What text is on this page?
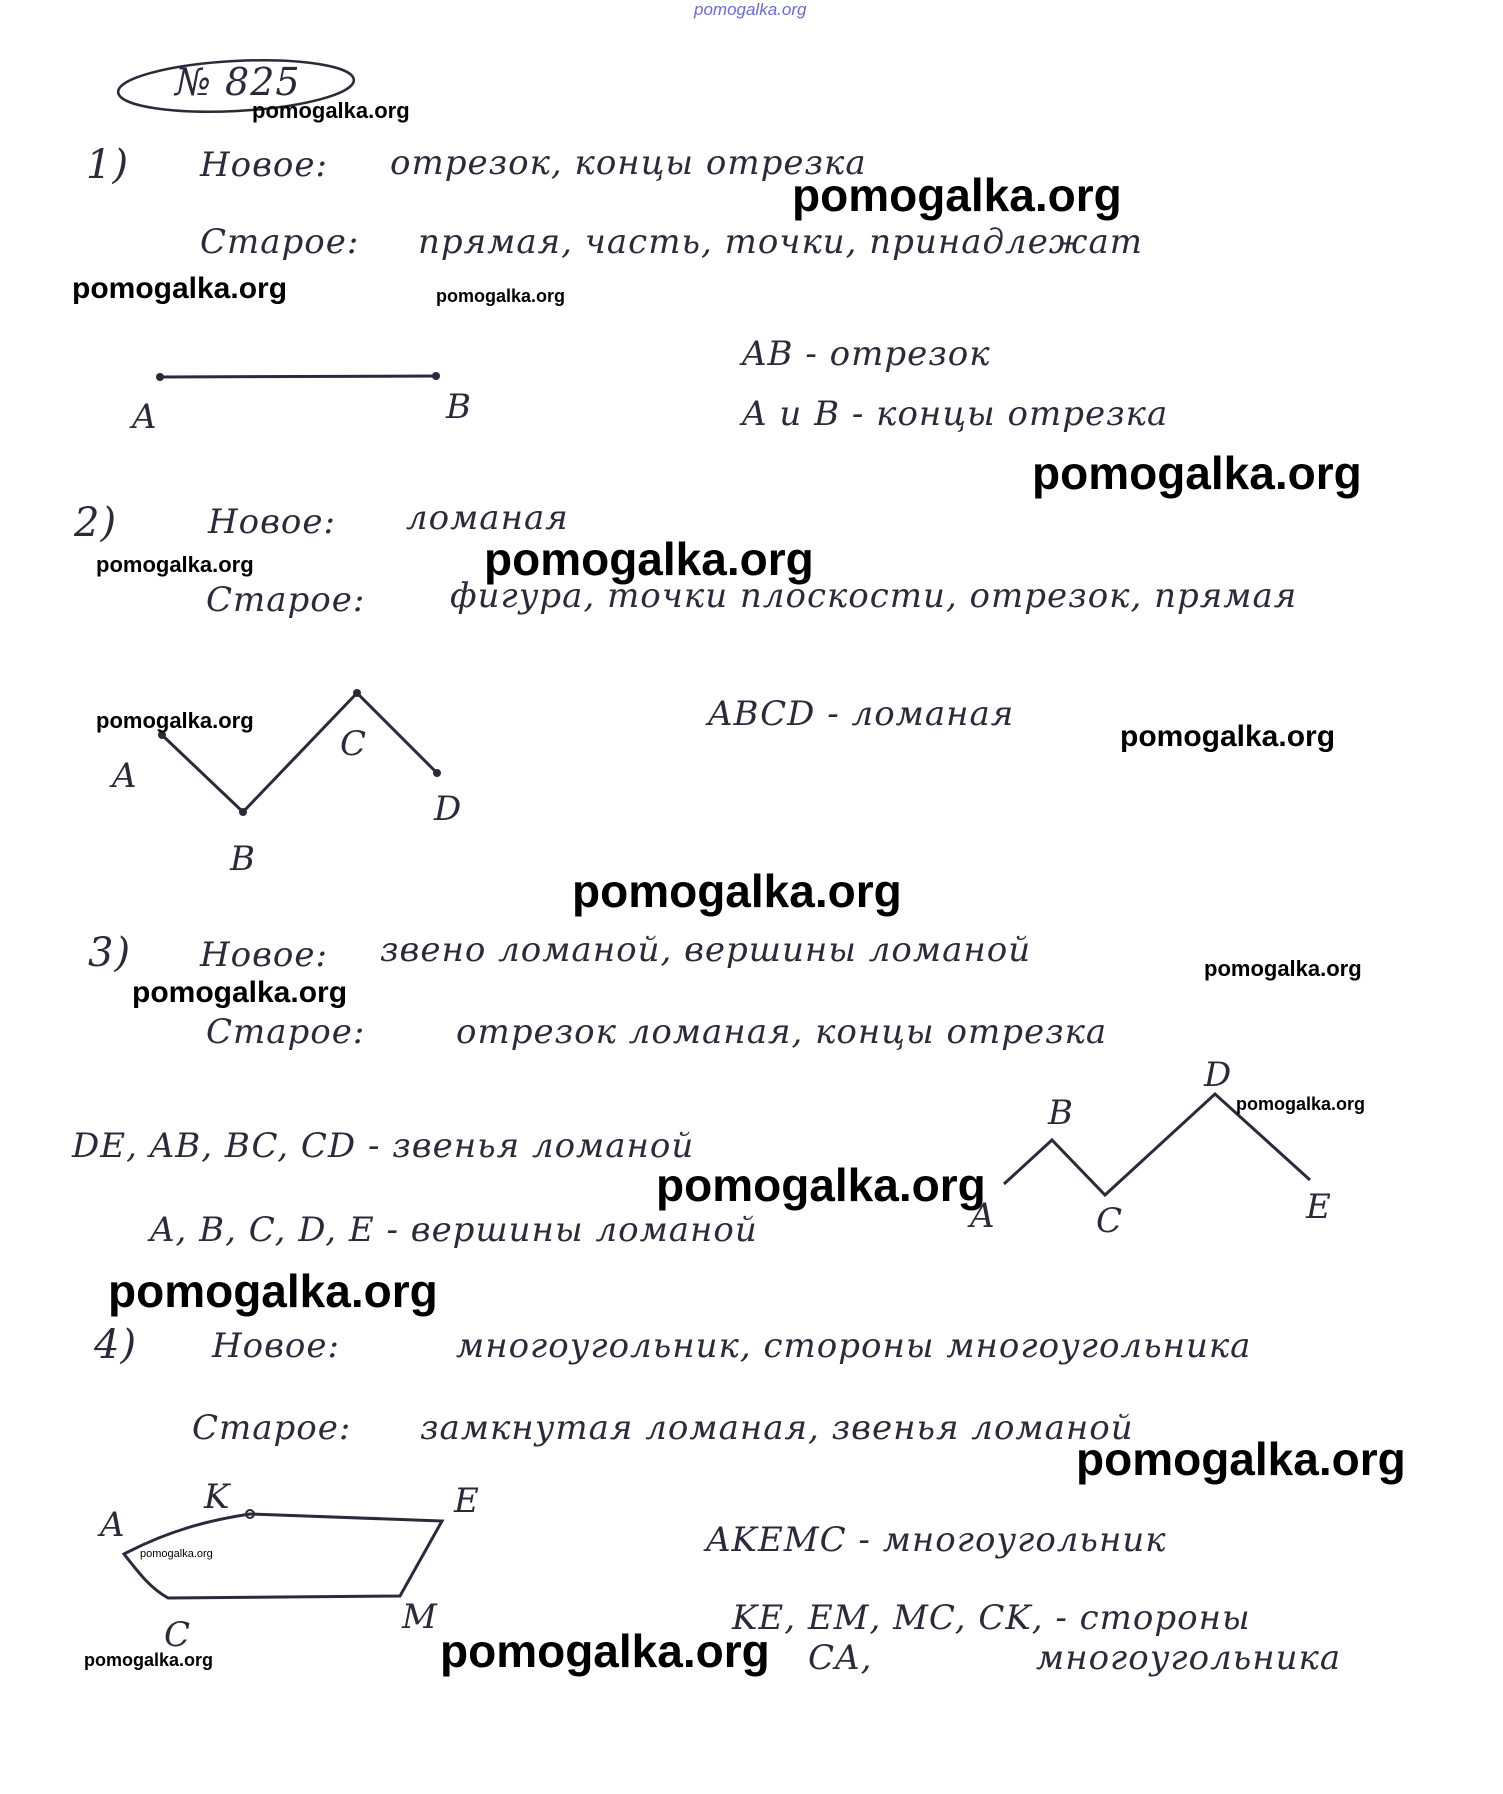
pomogalka.org
№ 825
1) Новое: отрезок, концы отрезка
Старое: прямая, часть, точки, принадлежат
A	B
AB - отрезок
A и B - концы отрезка
2)	Новое: ломаная
Старое: фигура, точки плоскости, отрезок, прямая
A
B
C
D
ABCD - ломаная
3) Новое: звено ломаной, вершины ломаной
Старое:	отрезок ломаная, концы отрезка
DE, AB, BC, CD - звенья ломаной
A, B, C, D, E - вершины ломаной	A
B
C
D
E
4) Новое:	многоугольник, стороны многоугольника
Старое: замкнутая ломаная, звенья ломаной
A
K	E
C	M
AKEMC - многоугольник
KE, EM, MC, CK, - стороны
CA,	многоугольника
pomogalka.org
pomogalka.org
pomogalka.org	pomogalka.org
pomogalka.org
pomogalka.org	pomogalka.org
pomogalka.org	pomogalka.org
pomogalka.org
pomogalka.org
pomogalka.org
pomogalka.org
pomogalka.org
pomogalka.org
pomogalka.org
pomogalka.org
pomogalka.org	pomogalka.org
